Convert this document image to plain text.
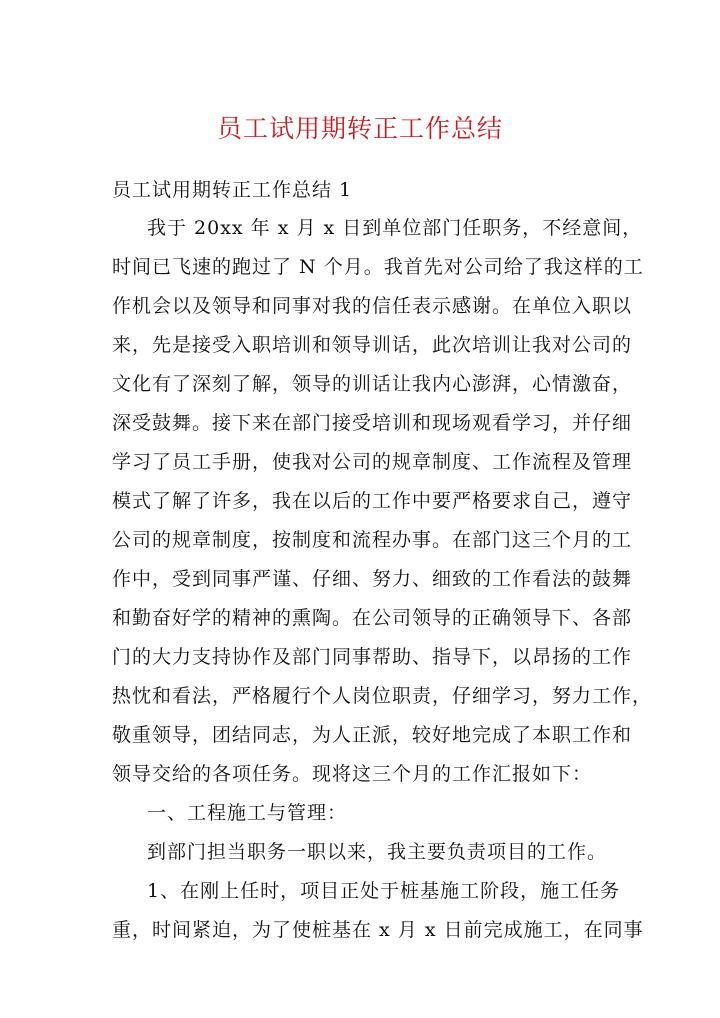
员工试用期转正工作总结
员工试用期转正工作总结 1
我于 20xx 年 x 月 x 日到单位部门任职务，不经意间，
时间已飞速的跑过了 N 个月。我首先对公司给了我这样的工
作机会以及领导和同事对我的信任表示感谢。在单位入职以
来，先是接受入职培训和领导训话，此次培训让我对公司的
文化有了深刻了解，领导的训话让我内心澎湃，心情激奋，
深受鼓舞。接下来在部门接受培训和现场观看学习，并仔细
学习了员工手册，使我对公司的规章制度、工作流程及管理
模式了解了许多，我在以后的工作中要严格要求自己，遵守
公司的规章制度，按制度和流程办事。在部门这三个月的工
作中，受到同事严谨、仔细、努力、细致的工作看法的鼓舞
和勤奋好学的精神的熏陶。在公司领导的正确领导下、各部
门的大力支持协作及部门同事帮助、指导下，以昂扬的工作
热忱和看法，严格履行个人岗位职责，仔细学习，努力工作，
敬重领导，团结同志，为人正派，较好地完成了本职工作和
领导交给的各项任务。现将这三个月的工作汇报如下：
一、工程施工与管理：
到部门担当职务一职以来，我主要负责项目的工作。
1、在刚上任时，项目正处于桩基施工阶段，施工任务
重，时间紧迫，为了使桩基在 x 月 x 日前完成施工，在同事
